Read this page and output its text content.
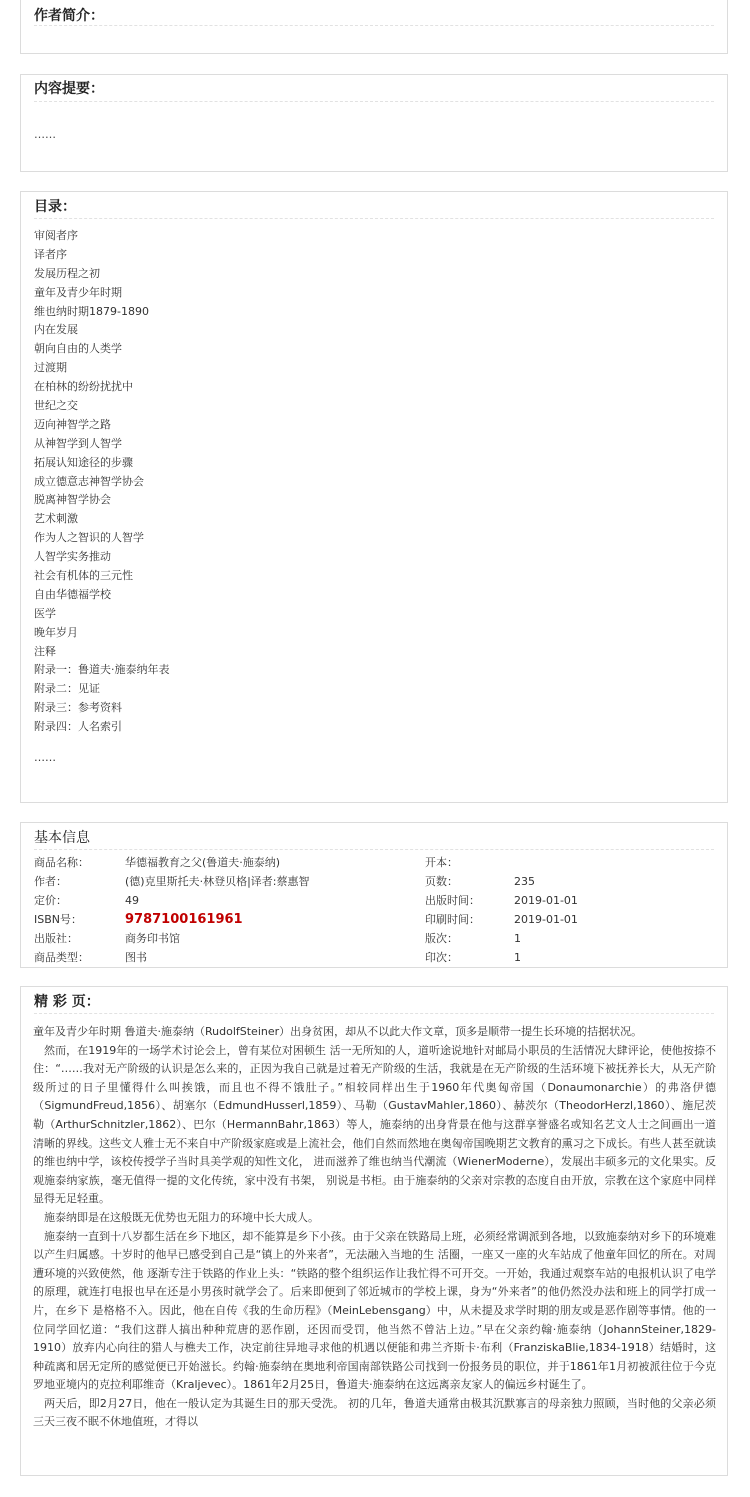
作者简介：
内容提要：
……
目录：
审阅者序
译者序
发展历程之初
童年及青少年时期
维也纳时期1879-1890
内在发展
朝向自由的人类学
过渡期
在柏林的纷纷扰扰中
世纪之交
迈向神智学之路
从神智学到人智学
拓展认知途径的步骤
成立德意志神智学协会
脱离神智学协会
艺术刺激
作为人之智识的人智学
人智学实务推动
社会有机体的三元性
自由华德福学校
医学
晚年岁月
注释
附录一：鲁道夫·施泰纳年表
附录二：见证
附录三：参考资料
附录四：人名索引
……
基本信息
商品名称：	华德福教育之父(鲁道夫·施泰纳)	开本：
作者：	(德)克里斯托夫·林登贝格|译者:蔡惠智	页数：	235
定价：	49	出版时间：	2019-01-01
ISBN号：	9787100161961	印刷时间：	2019-01-01
出版社：	商务印书馆	版次：	1
商品类型：	图书	印次：	1
精 彩 页：

童年及青少年时期 鲁道夫·施泰纳（RudolfSteiner）出身贫困，却从不以此大作文章，顶多是顺带一提生长环境的拮据状况。

　然而，在1919年的一场学术讨论会上，曾有某位对困顿生 活一无所知的人，道听途说地针对邮局小职员的生活情况大肆评论，使他按捺不住：“……我对无产阶级的认识是怎么来的，正因为我自己就是过着无产阶级的生活，我就是在无产阶级的生活环境下被抚养长大，从无产阶级所过的日子里懂得什么叫挨饿，而且也不得不饿肚子。”相较同样出生于1960年代奥匈帝国（Donaumonarchie）的弗洛伊德（SigmundFreud,1856）、胡塞尔（EdmundHusserl,1859）、马勒（GustavMahler,1860）、赫茨尔（TheodorHerzl,1860）、施尼茨勒（ArthurSchnitzler,1862）、巴尔（HermannBahr,1863）等人，施泰纳的出身背景在他与这群享誉盛名或知名艺文人士之间画出一道清晰的界线。这些文人雅士无不来自中产阶级家庭或是上流社会，他们自然而然地在奥匈帝国晚期艺文教育的熏习之下成长。有些人甚至就读 的维也纳中学，该校传授学子当时具美学观的知性文化， 进而滋养了维也纳当代潮流（WienerModerne），发展出丰硕多元的文化果实。反观施泰纳家族，毫无值得一提的文化传统，家中没有书架， 别说是书柜。由于施泰纳的父亲对宗教的态度自由开放，宗教在这个家庭中同样显得无足轻重。

　施泰纳即是在这般既无优势也无阻力的环境中长大成人。

　施泰纳一直到十八岁都生活在乡下地区，却不能算是乡下小孩。由于父亲在铁路局上班，必须经常调派到各地，以致施泰纳对乡下的环境难以产生归属感。十岁时的他早已感受到自己是“镇上的外来者”，无法融入当地的生 活圈，一座又一座的火车站成了他童年回忆的所在。对周遭环境的兴致使然，他 逐渐专注于铁路的作业上头：“铁路的整个组织运作让我忙得不可开交。一开始，我通过观察车站的电报机认识了电学的原理，就连打电报也早在还是小男孩时就学会了。后来即便到了邻近城市的学校上课，身为“外来者”的他仍然没办法和班上的同学打成一 片，在乡下 是格格不入。因此，他在自传《我的生命历程》（MeinLebensgang）中，从未提及求学时期的朋友或是恶作剧等事情。他的一位同学回忆道：“我们这群人搞出种种荒唐的恶作剧，还因而受罚，他当然不曾沾上边。”早在父亲约翰·施泰纳（JohannSteiner,1829-1910）放弃内心向往的猎人与樵夫工作，决定前往异地寻求他的机遇以便能和弗兰齐斯卡·布利（FranziskaBlie,1834-1918）结婚时，这种疏离和居无定所的感觉便已开始滋长。约翰·施泰纳在奥地利帝国南部铁路公司找到一份报务员的职位，并于1861年1月初被派往位于今克罗地亚境内的克拉利耶维奇（Kraljevec）。1861年2月25日，鲁道夫·施泰纳在这远离亲友家人的偏远乡村诞生了。

　两天后，即2月27日，他在一般认定为其诞生日的那天受洗。 初的几年，鲁道夫通常由极其沉默寡言的母亲独力照顾，当时他的父亲必须三天三夜不眠不休地值班，才得以
